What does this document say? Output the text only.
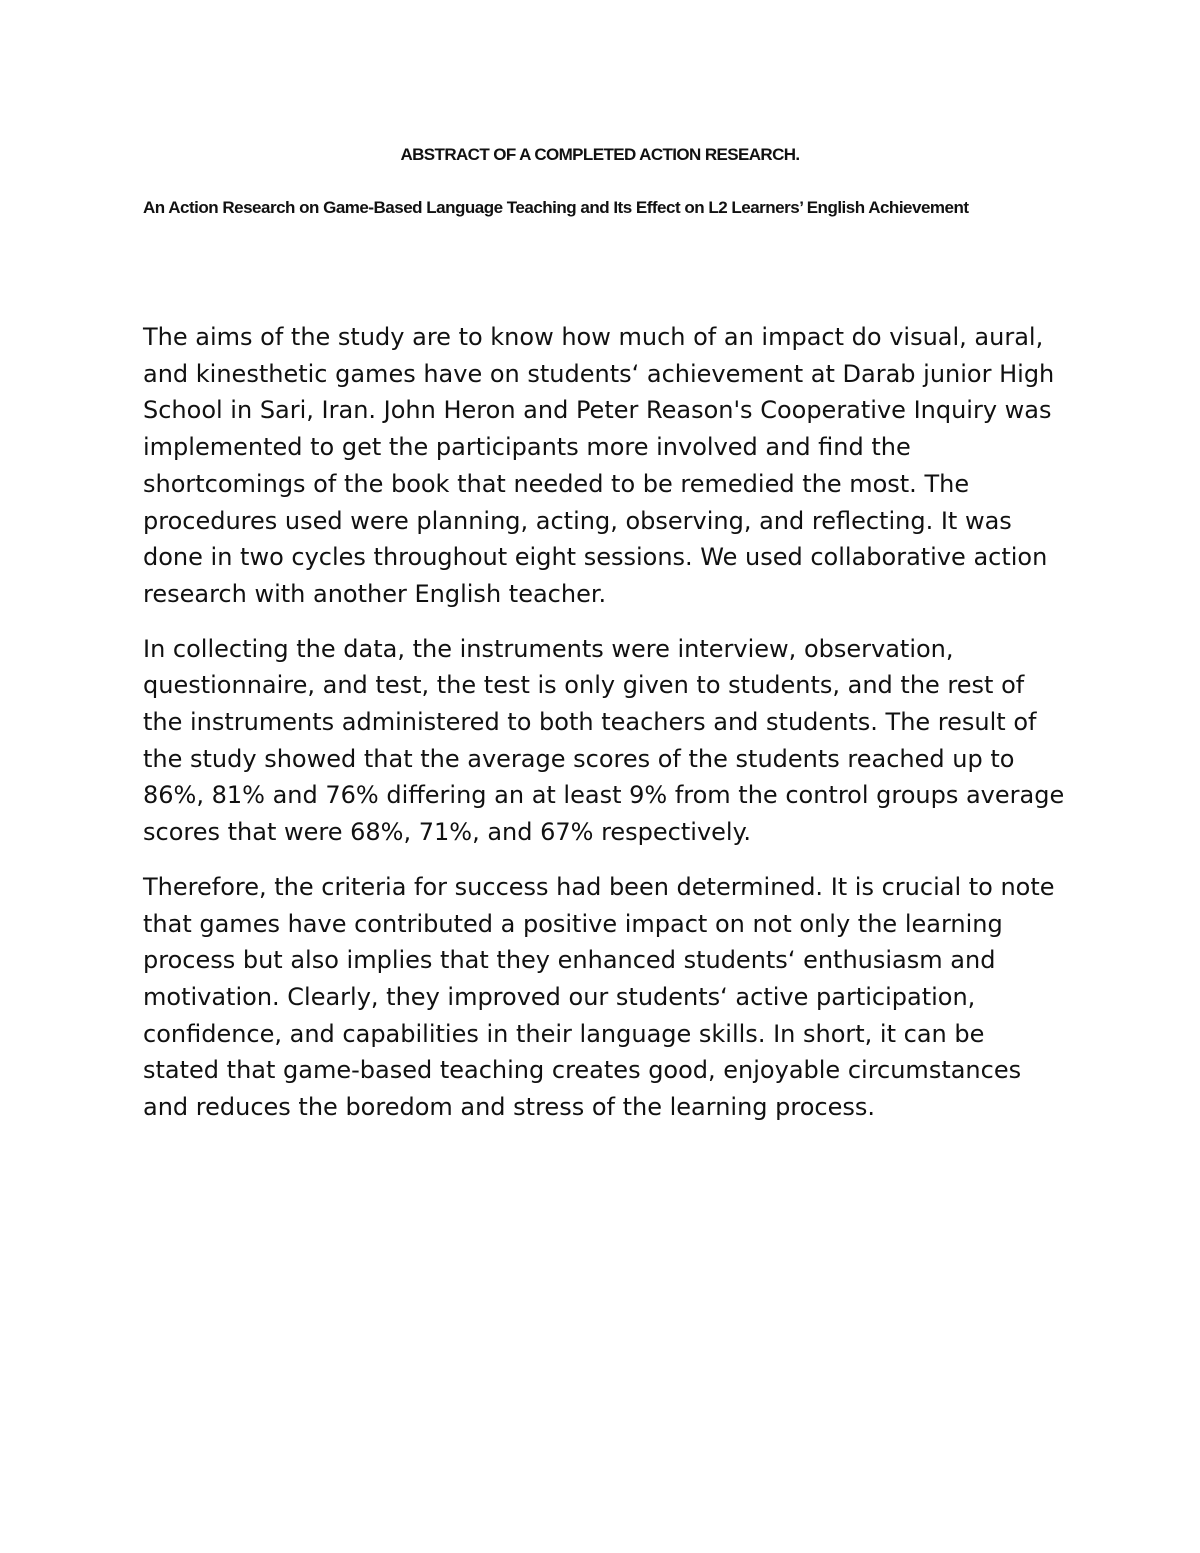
ABSTRACT OF A COMPLETED ACTION RESEARCH.
An Action Research on Game-Based Language Teaching and Its Effect on L2 Learners’ English Achievement

The aims of the study are to know how much of an impact do visual, aural, and kinesthetic games have on students‘ achievement at Darab junior High School in Sari, Iran. John Heron and Peter Reason's Cooperative Inquiry was implemented to get the participants more involved and find the shortcomings of the book that needed to be remedied the most. The procedures used were planning, acting, observing, and reflecting. It was done in two cycles throughout eight sessions. We used collaborative action research with another English teacher.

In collecting the data, the instruments were interview, observation, questionnaire, and test, the test is only given to students, and the rest of the instruments administered to both teachers and students. The result of the study showed that the average scores of the students reached up to 86%, 81% and 76% differing an at least 9% from the control groups average scores that were 68%, 71%, and 67% respectively.

Therefore, the criteria for success had been determined. It is crucial to note that games have contributed a positive impact on not only the learning process but also implies that they enhanced students‘ enthusiasm and motivation. Clearly, they improved our students‘ active participation, confidence, and capabilities in their language skills. In short, it can be stated that game-based teaching creates good, enjoyable circumstances and reduces the boredom and stress of the learning process.
